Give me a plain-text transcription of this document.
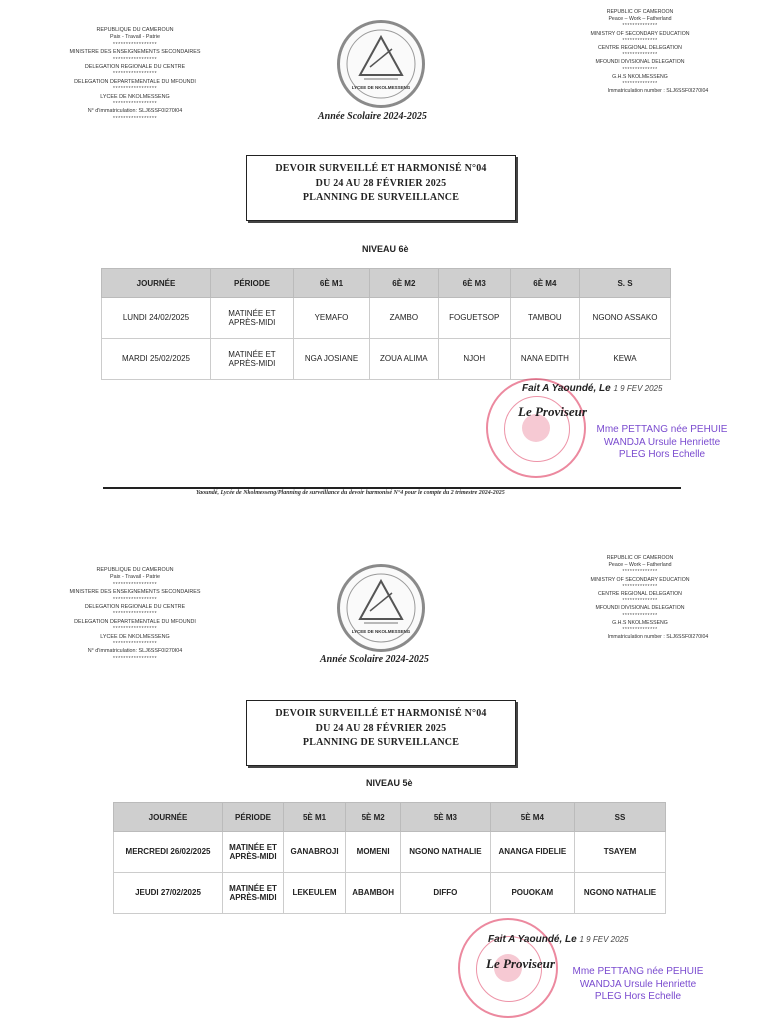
REPUBLIQUE DU CAMEROUN
Paix - Travail - Patrie
*****************
MINISTERE DES ENSEIGNEMENTS SECONDAIRES
*****************
DELEGATION REGIONALE DU CENTRE
*****************
DELEGATION DEPARTEMENTALE DU MFOUNDI
*****************
LYCEE DE NKOLMESSENG
*****************
N° d'immatriculation: SLJ6SSF0I270I04
*****************
LYCEE DE NKOLMESSENG
Année Scolaire 2024-2025
REPUBLIC OF CAMEROON
Peace – Work – Fatherland
**************
MINISTRY OF SECONDARY EDUCATION
**************
CENTRE REGIONAL DELEGATION
**************
MFOUNDI DIVISIONAL DELEGATION
**************
G.H.S NKOLMESSENG
**************
Immatriculation number : SLJ6SSF0I270I04
DEVOIR SURVEILLÉ ET HARMONISÉ N°04
DU 24 AU 28 FÉVRIER 2025
PLANNING DE SURVEILLANCE
NIVEAU 6è
JOURNÉE	PÉRIODE	6È M1	6È M2	6È M3	6È M4	S. S
LUNDI 24/02/2025	MATINÉE ET APRÈS-MIDI	YEMAFO	ZAMBO	FOGUETSOP	TAMBOU	NGONO ASSAKO
MARDI 25/02/2025	MATINÉE ET APRÈS-MIDI	NGA JOSIANE	ZOUA ALIMA	NJOH	NANA EDITH	KEWA
Fait A Yaoundé, Le 1 9 FEV 2025
Le Proviseur
Mme PETTANG née PEHUIE
WANDJA Ursule Henriette
PLEG Hors Echelle
Yaoundé, Lycée de Nkolmesseng/Planning de surveillance du devoir harmonisé N°4 pour le compte du 2 trimestre 2024-2025
REPUBLIQUE DU CAMEROUN
Paix - Travail - Patrie
*****************
MINISTERE DES ENSEIGNEMENTS SECONDAIRES
*****************
DELEGATION REGIONALE DU CENTRE
*****************
DELEGATION DEPARTEMENTALE DU MFOUNDI
*****************
LYCEE DE NKOLMESSENG
*****************
N° d'immatriculation: SLJ6SSF0I270I04
*****************
LYCEE DE NKOLMESSENG
Année Scolaire 2024-2025
REPUBLIC OF CAMEROON
Peace – Work – Fatherland
**************
MINISTRY OF SECONDARY EDUCATION
**************
CENTRE REGIONAL DELEGATION
**************
MFOUNDI DIVISIONAL DELEGATION
**************
G.H.S NKOLMESSENG
**************
Immatriculation number : SLJ6SSF0I270I04
DEVOIR SURVEILLÉ ET HARMONISÉ N°04
DU 24 AU 28 FÉVRIER 2025
PLANNING DE SURVEILLANCE
NIVEAU 5è
JOURNÉE	PÉRIODE	5È M1	5È M2	5È M3	5È M4	SS
MERCREDI 26/02/2025	MATINÉE ET APRÈS-MIDI	GANABROJI	MOMENI	NGONO NATHALIE	ANANGA FIDELIE	TSAYEM
JEUDI 27/02/2025	MATINÉE ET APRÈS-MIDI	LEKEULEM	ABAMBOH	DIFFO	POUOKAM	NGONO NATHALIE
Fait A Yaoundé, Le 1 9 FEV 2025
Le Proviseur
Mme PETTANG née PEHUIE
WANDJA Ursule Henriette
PLEG Hors Echelle
